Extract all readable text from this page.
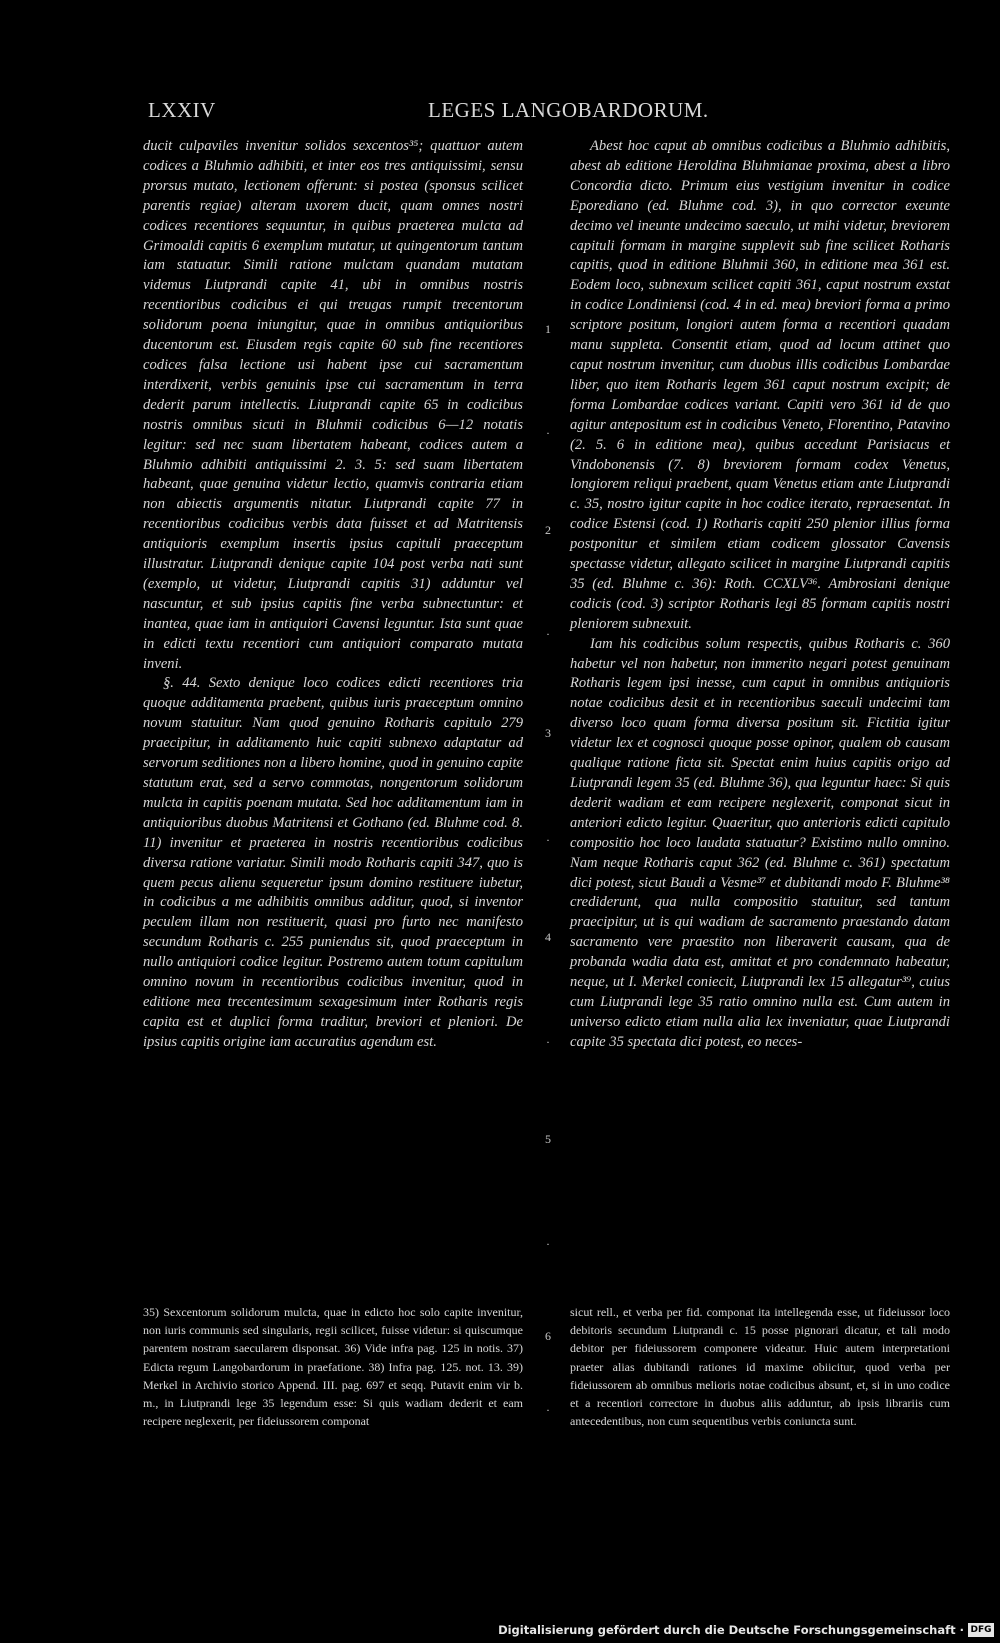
LXXIV	LEGES LANGOBARDORUM.

ducit culpaviles invenitur solidos sexcentos³⁵; quattuor autem codices a Bluhmio adhibiti, et inter eos tres antiquissimi, sensu prorsus mutato, lectionem offerunt: si postea (sponsus scilicet parentis regiae) alteram uxorem ducit, quam omnes nostri codices recentiores sequuntur, in quibus praeterea mulcta ad Grimoaldi capitis 6 exemplum mutatur, ut quingentorum tantum iam statuatur. Simili ratione mulctam quandam mutatam videmus Liutprandi capite 41, ubi in omnibus nostris recentioribus codicibus ei qui treugas rumpit trecentorum solidorum poena iniungitur, quae in omnibus antiquioribus ducentorum est. Eiusdem regis capite 60 sub fine recentiores codices falsa lectione usi habent ipse cui sacramentum interdixerit, verbis genuinis ipse cui sacramentum in terra dederit parum intellectis. Liutprandi capite 65 in codicibus nostris omnibus sicuti in Bluhmii codicibus 6—12 notatis legitur: sed nec suam libertatem habeant, codices autem a Bluhmio adhibiti antiquissimi 2. 3. 5: sed suam libertatem habeant, quae genuina videtur lectio, quamvis contraria etiam non abiectis argumentis nitatur. Liutprandi capite 77 in recentioribus codicibus verbis data fuisset et ad Matritensis antiquioris exemplum insertis ipsius capituli praeceptum illustratur. Liutprandi denique capite 104 post verba nati sunt (exemplo, ut videtur, Liutprandi capitis 31) adduntur vel nascuntur, et sub ipsius capitis fine verba subnectuntur: et inantea, quae iam in antiquiori Cavensi leguntur. Ista sunt quae in edicti textu recentiori cum antiquiori comparato mutata inveni.

§. 44. Sexto denique loco codices edicti recentiores tria quoque additamenta praebent, quibus iuris praeceptum omnino novum statuitur. Nam quod genuino Rotharis capitulo 279 praecipitur, in additamento huic capiti subnexo adaptatur ad servorum seditiones non a libero homine, quod in genuino capite statutum erat, sed a servo commotas, nongentorum solidorum mulcta in capitis poenam mutata. Sed hoc additamentum iam in antiquioribus duobus Matritensi et Gothano (ed. Bluhme cod. 8. 11) invenitur et praeterea in nostris recentioribus codicibus diversa ratione variatur. Simili modo Rotharis capiti 347, quo is quem pecus alienu sequeretur ipsum domino restituere iubetur, in codicibus a me adhibitis omnibus additur, quod, si inventor peculem illam non restituerit, quasi pro furto nec manifesto secundum Rotharis c. 255 puniendus sit, quod praeceptum in nullo antiquiori codice legitur. Postremo autem totum capitulum omnino novum in recentioribus codicibus invenitur, quod in editione mea trecentesimum sexagesimum inter Rotharis regis capita est et duplici forma traditur, breviori et pleniori. De ipsius capitis origine iam accuratius agendum est.

1
.
2
.
3
.
4
.
5
.
6
.

Abest hoc caput ab omnibus codicibus a Bluhmio adhibitis, abest ab editione Heroldina Bluhmianae proxima, abest a libro Concordia dicto. Primum eius vestigium invenitur in codice Eporediano (ed. Bluhme cod. 3), in quo corrector exeunte decimo vel ineunte undecimo saeculo, ut mihi videtur, breviorem capituli formam in margine supplevit sub fine scilicet Rotharis capitis, quod in editione Bluhmii 360, in editione mea 361 est. Eodem loco, subnexum scilicet capiti 361, caput nostrum exstat in codice Londiniensi (cod. 4 in ed. mea) breviori forma a primo scriptore positum, longiori autem forma a recentiori quadam manu suppleta. Consentit etiam, quod ad locum attinet quo caput nostrum invenitur, cum duobus illis codicibus Lombardae liber, quo item Rotharis legem 361 caput nostrum excipit; de forma Lombardae codices variant. Capiti vero 361 id de quo agitur antepositum est in codicibus Veneto, Florentino, Patavino (2. 5. 6 in editione mea), quibus accedunt Parisiacus et Vindobonensis (7. 8) breviorem formam codex Venetus, longiorem reliqui praebent, quam Venetus etiam ante Liutprandi c. 35, nostro igitur capite in hoc codice iterato, repraesentat. In codice Estensi (cod. 1) Rotharis capiti 250 plenior illius forma postponitur et similem etiam codicem glossator Cavensis spectasse videtur, allegato scilicet in margine Liutprandi capitis 35 (ed. Bluhme c. 36): Roth. CCXLV³⁶. Ambrosiani denique codicis (cod. 3) scriptor Rotharis legi 85 formam capitis nostri pleniorem subnexuit.

Iam his codicibus solum respectis, quibus Rotharis c. 360 habetur vel non habetur, non immerito negari potest genuinam Rotharis legem ipsi inesse, cum caput in omnibus antiquioris notae codicibus desit et in recentioribus saeculi undecimi tam diverso loco quam forma diversa positum sit. Fictitia igitur videtur lex et cognosci quoque posse opinor, qualem ob causam qualique ratione ficta sit. Spectat enim huius capitis origo ad Liutprandi legem 35 (ed. Bluhme 36), qua leguntur haec: Si quis dederit wadiam et eam recipere neglexerit, componat sicut in anteriori edicto legitur. Quaeritur, quo anterioris edicti capitulo compositio hoc loco laudata statuatur? Existimo nullo omnino. Nam neque Rotharis caput 362 (ed. Bluhme c. 361) spectatum dici potest, sicut Baudi a Vesme³⁷ et dubitandi modo F. Bluhme³⁸ crediderunt, qua nulla compositio statuitur, sed tantum praecipitur, ut is qui wadiam de sacramento praestando datam sacramento vere praestito non liberaverit causam, qua de probanda wadia data est, amittat et pro condemnato habeatur, neque, ut I. Merkel coniecit, Liutprandi lex 15 allegatur³⁹, cuius cum Liutprandi lege 35 ratio omnino nulla est. Cum autem in universo edicto etiam nulla alia lex inveniatur, quae Liutprandi capite 35 spectata dici potest, eo neces-

35) Sexcentorum solidorum mulcta, quae in edicto hoc solo capite invenitur, non iuris communis sed singularis, regii scilicet, fuisse videtur: si quiscumque parentem nostram saecularem disponsat. 36) Vide infra pag. 125 in notis. 37) Edicta regum Langobardorum in praefatione. 38) Infra pag. 125. not. 13. 39) Merkel in Archivio storico Append. III. pag. 697 et seqq. Putavit enim vir b. m., in Liutprandi lege 35 legendum esse: Si quis wadiam dederit et eam recipere neglexerit, per fideiussorem componat

sicut rell., et verba per fid. componat ita intellegenda esse, ut fideiussor loco debitoris secundum Liutprandi c. 15 posse pignorari dicatur, et tali modo debitor per fideiussorem componere videatur. Huic autem interpretationi praeter alias dubitandi rationes id maxime obiicitur, quod verba per fideiussorem ab omnibus melioris notae codicibus absunt, et, si in uno codice et a recentiori correctore in duobus aliis adduntur, ab ipsis librariis cum antecedentibus, non cum sequentibus verbis coniuncta sunt.

Digitalisierung gefördert durch die Deutsche Forschungsgemeinschaft · DFG
